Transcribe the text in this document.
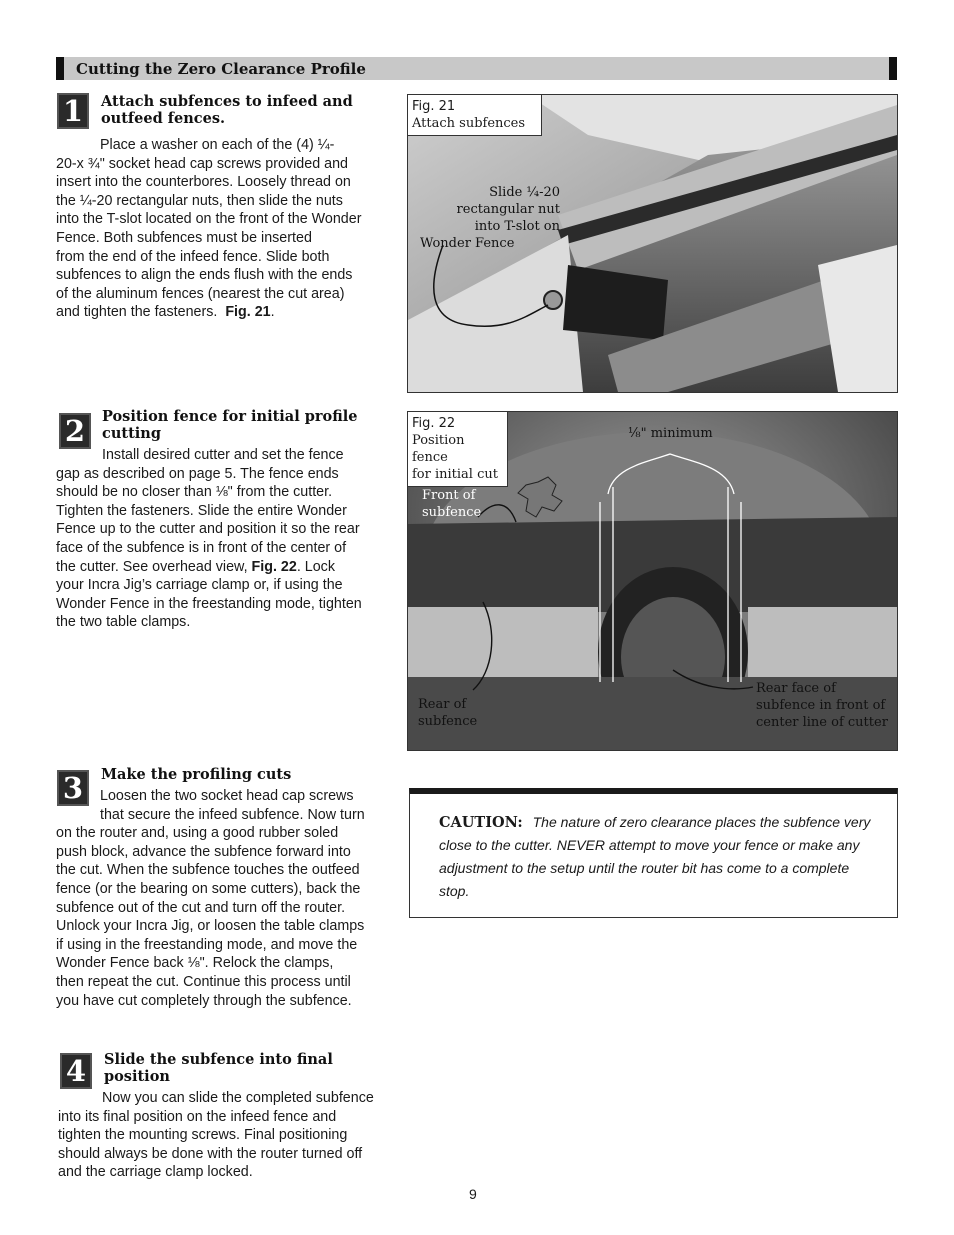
Cutting the Zero Clearance Profile
1	Attach subfences to infeed and outfeed fences.
Place a washer on each of the (4) ¼-
20-x ¾" socket head cap screws provided and
insert into the counterbores. Loosely thread on
the ¼-20 rectangular nuts, then slide the nuts
into the T-slot located on the front of the Wonder
Fence. Both subfences must be inserted
from the end of the infeed fence. Slide both
subfences to align the ends flush with the ends
of the aluminum fences (nearest the cut area)
and tighten the fasteners. Fig. 21.
Fig. 21
Attach subfences
Slide ¼-20
rectangular nut
into T-slot on
Wonder Fence
2	Position fence for initial profile cutting
Install desired cutter and set the fence
gap as described on page 5. The fence ends
should be no closer than ⅛" from the cutter.
Tighten the fasteners. Slide the entire Wonder
Fence up to the cutter and position it so the rear
face of the subfence is in front of the center of
the cutter. See overhead view, Fig. 22. Lock
your Incra Jig’s carriage clamp or, if using the
Wonder Fence in the freestanding mode, tighten
the two table clamps.
Fig. 22
Position fence
for initial cut
⅛" minimum
Front of
subfence
Rear of
subfence
Rear face of
subfence in front of
center line of cutter
3	Make the profiling cuts
Loosen the two socket head cap screws
that secure the infeed subfence. Now turn
on the router and, using a good rubber soled
push block, advance the subfence forward into
the cut. When the subfence touches the outfeed
fence (or the bearing on some cutters), back the
subfence out of the cut and turn off the router.
Unlock your Incra Jig, or loosen the table clamps
if using in the freestanding mode, and move the
Wonder Fence back ⅛". Relock the clamps,
then repeat the cut. Continue this process until
you have cut completely through the subfence.
CAUTION: The nature of zero clearance places the subfence very close to the cutter. NEVER attempt to move your fence or make any adjustment to the setup until the router bit has come to a complete stop.
4	Slide the subfence into final position
Now you can slide the completed subfence
into its final position on the infeed fence and
tighten the mounting screws. Final positioning
should always be done with the router turned off
and the carriage clamp locked.
9
